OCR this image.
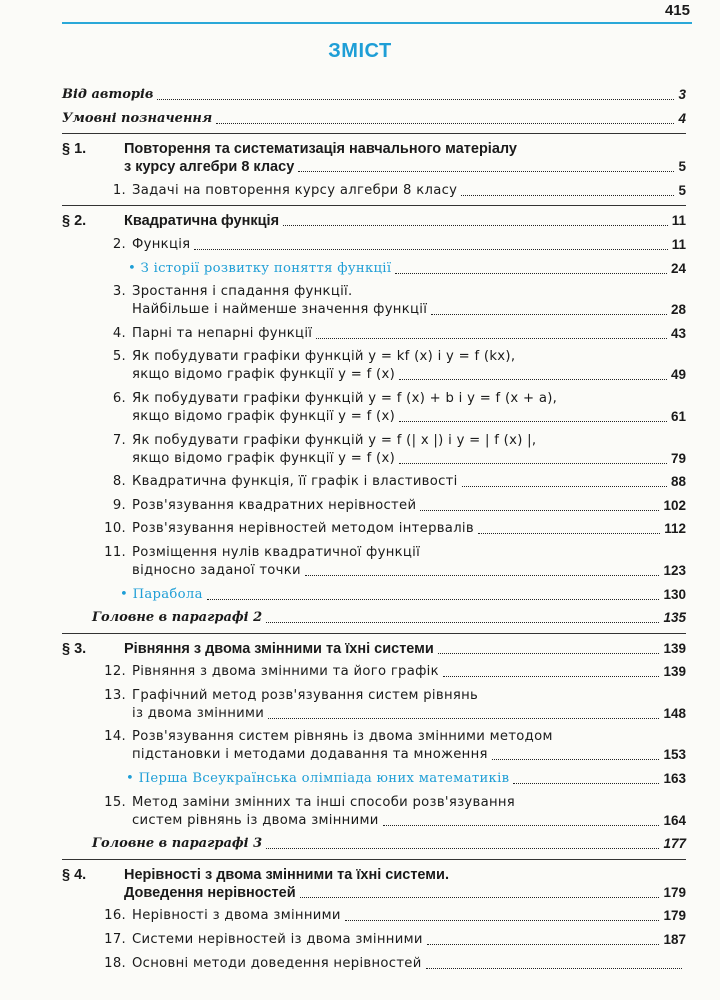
415
ЗМІСТ
Від авторів	3
Умовні позначення	4
§ 1.	Повторення та систематизація навчального матеріалу
з курсу алгебри 8 класу	5
1. Задачі на повторення курсу алгебри 8 класу	5
§ 2.	Квадратична функція	11
2. Функція	11
• З історії розвитку поняття функції	24
3. Зростання і спадання функції.
Найбільше і найменше значення функції	28
4. Парні та непарні функції	43
5. Як побудувати графіки функцій y = kf (x) і y = f (kx),
якщо відомо графік функції y = f (x)	49
6. Як побудувати графіки функцій y = f (x) + b і y = f (x + a),
якщо відомо графік функції y = f (x)	61
7. Як побудувати графіки функцій y = f (| x |) і y = | f (x) |,
якщо відомо графік функції y = f (x)	79
8. Квадратична функція, її графік і властивості	88
9. Розв'язування квадратних нерівностей	102
10. Розв'язування нерівностей методом інтервалів	112
11. Розміщення нулів квадратичної функції
відносно заданої точки	123
• Парабола	130
Головне в параграфі 2	135
§ 3.	Рівняння з двома змінними та їхні системи	139
12. Рівняння з двома змінними та його графік	139
13. Графічний метод розв'язування систем рівнянь
із двома змінними	148
14. Розв'язування систем рівнянь із двома змінними методом
підстановки і методами додавання та множення	153
• Перша Всеукраїнська олімпіада юних математиків	163
15. Метод заміни змінних та інші способи розв'язування
систем рівнянь із двома змінними	164
Головне в параграфі 3	177
§ 4.	Нерівності з двома змінними та їхні системи.
Доведення нерівностей	179
16. Нерівності з двома змінними	179
17. Системи нерівностей із двома змінними	187
18. Основні методи доведення нерівностей
